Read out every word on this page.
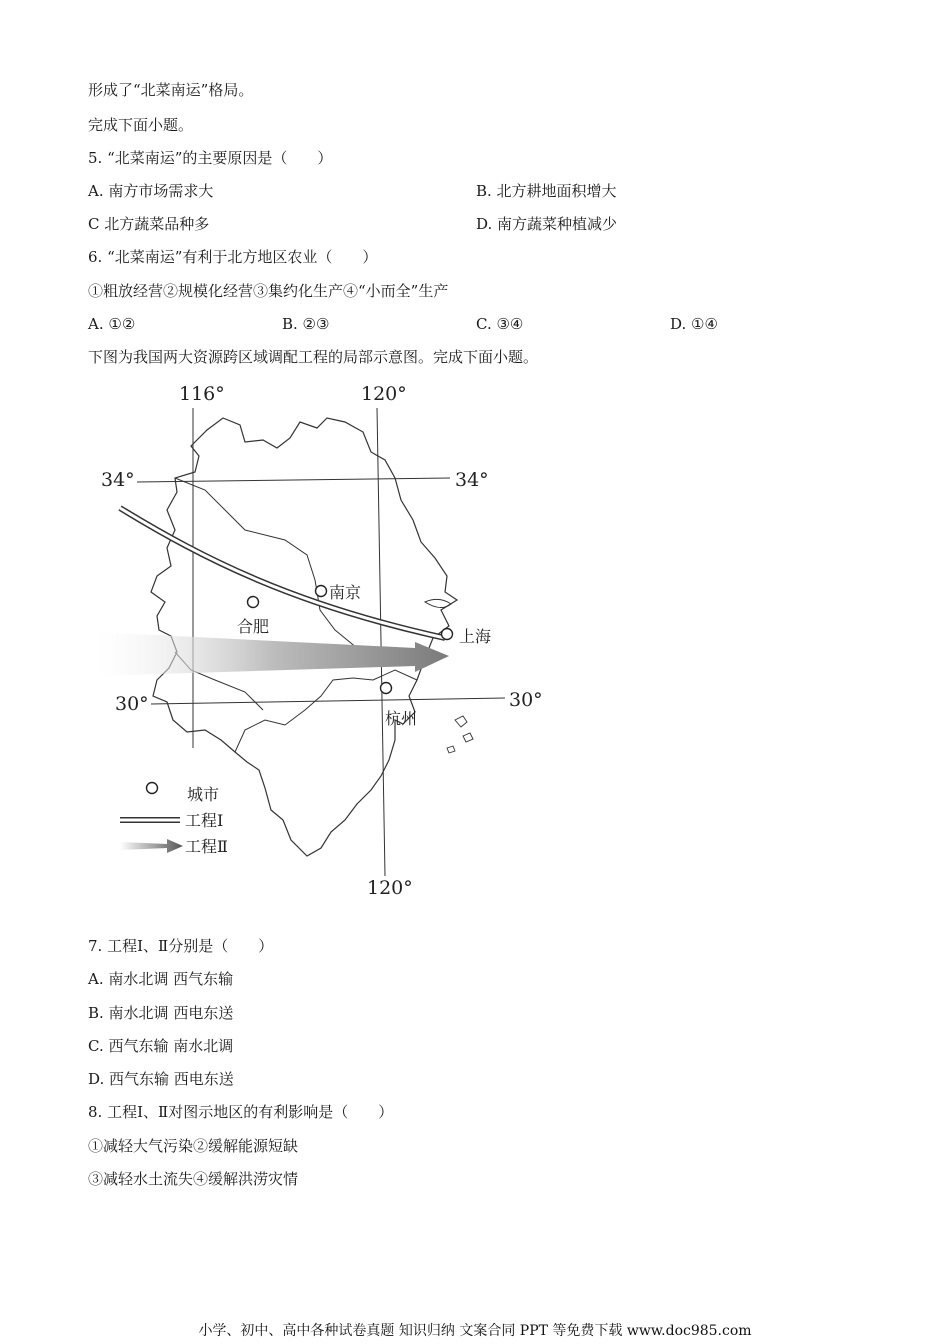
形成了“北菜南运”格局。
完成下面小题。
5. “北菜南运”的主要原因是（　　）
A. 南方市场需求大	B. 北方耕地面积增大
C 北方蔬菜品种多	D. 南方蔬菜种植减少
6. “北菜南运”有利于北方地区农业（　　）
①粗放经营②规模化经营③集约化生产④“小而全”生产
A. ①②	B. ②③	C. ③④	D. ①④
下图为我国两大资源跨区域调配工程的局部示意图。完成下面小题。
116°	120°
120°
34°	34°
30°	30°
南京
合肥
上海
杭州
城市
工程Ⅰ
工程Ⅱ
7. 工程Ⅰ、Ⅱ分别是（　　）
A. 南水北调 西气东输
B. 南水北调 西电东送
C. 西气东输 南水北调
D. 西气东输 西电东送
8. 工程Ⅰ、Ⅱ对图示地区的有利影响是（　　）
①减轻大气污染②缓解能源短缺
③减轻水土流失④缓解洪涝灾情
小学、初中、高中各种试卷真题 知识归纳 文案合同 PPT 等免费下载 www.doc985.com
